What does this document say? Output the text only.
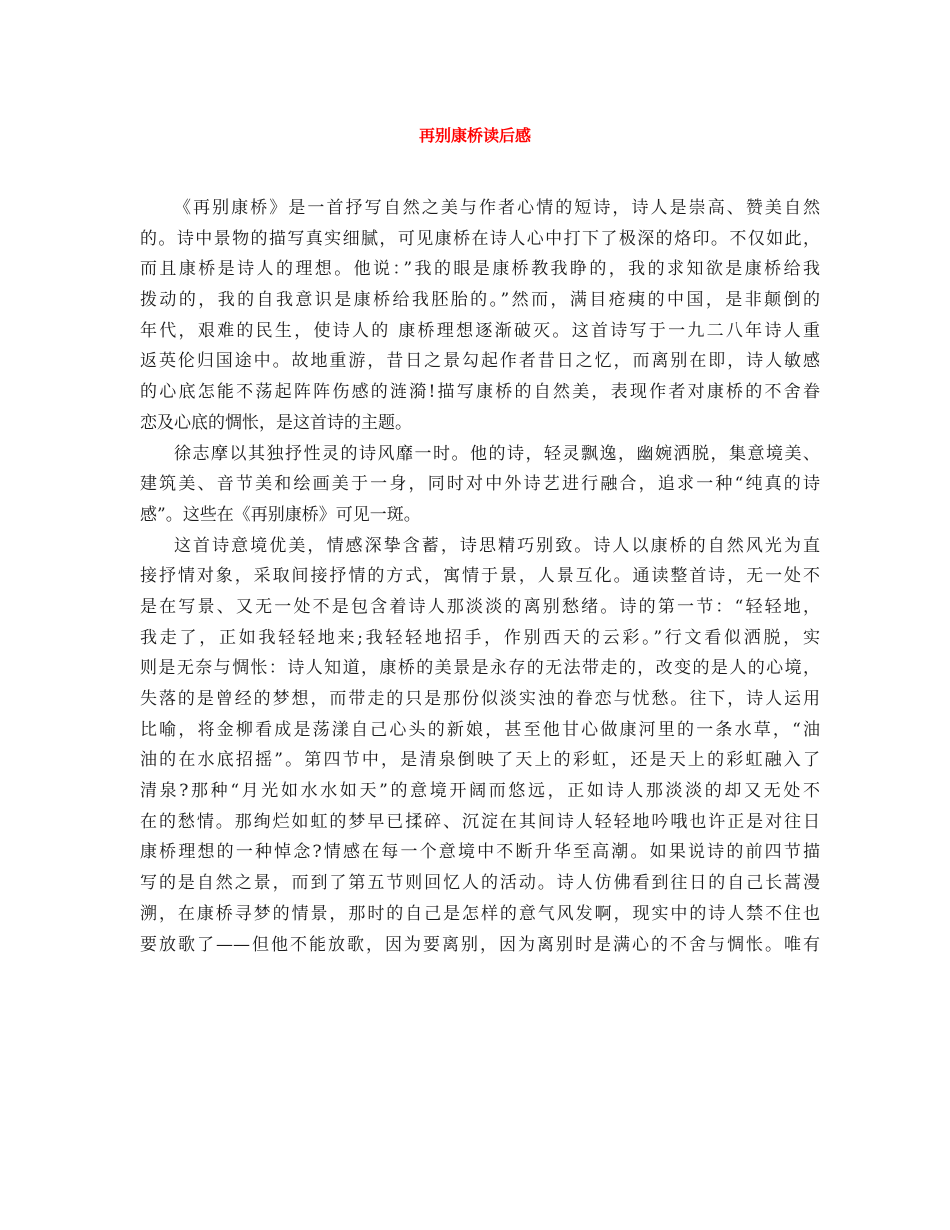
再别康桥读后感
《再别康桥》是一首抒写自然之美与作者心情的短诗，诗人是崇高、赞美自然
的。诗中景物的描写真实细腻，可见康桥在诗人心中打下了极深的烙印。不仅如此，
而且康桥是诗人的理想。他说：”我的眼是康桥教我睁的，我的求知欲是康桥给我
拨动的，我的自我意识是康桥给我胚胎的。”然而，满目疮痍的中国，是非颠倒的
年代，艰难的民生，使诗人的 康桥理想逐渐破灭。这首诗写于一九二八年诗人重
返英伦归国途中。故地重游，昔日之景勾起作者昔日之忆，而离别在即，诗人敏感
的心底怎能不荡起阵阵伤感的涟漪!描写康桥的自然美，表现作者对康桥的不舍眷
恋及心底的惆怅，是这首诗的主题。
徐志摩以其独抒性灵的诗风靡一时。他的诗，轻灵飘逸，幽婉洒脱，集意境美、
建筑美、音节美和绘画美于一身，同时对中外诗艺进行融合，追求一种“纯真的诗
感”。这些在《再别康桥》可见一斑。
这首诗意境优美，情感深挚含蓄，诗思精巧别致。诗人以康桥的自然风光为直
接抒情对象，采取间接抒情的方式，寓情于景，人景互化。通读整首诗，无一处不
是在写景、又无一处不是包含着诗人那淡淡的离别愁绪。诗的第一节：“轻轻地，
我走了，正如我轻轻地来;我轻轻地招手，作别西天的云彩。”行文看似洒脱，实
则是无奈与惆怅：诗人知道，康桥的美景是永存的无法带走的，改变的是人的心境，
失落的是曾经的梦想，而带走的只是那份似淡实浊的眷恋与忧愁。往下，诗人运用
比喻，将金柳看成是荡漾自己心头的新娘，甚至他甘心做康河里的一条水草，“油
油的在水底招摇”。第四节中，是清泉倒映了天上的彩虹，还是天上的彩虹融入了
清泉?那种“月光如水水如天”的意境开阔而悠远，正如诗人那淡淡的却又无处不
在的愁情。那绚烂如虹的梦早已揉碎、沉淀在其间诗人轻轻地吟哦也许正是对往日
康桥理想的一种悼念?情感在每一个意境中不断升华至高潮。如果说诗的前四节描
写的是自然之景，而到了第五节则回忆人的活动。诗人仿佛看到往日的自己长蒿漫
溯，在康桥寻梦的情景，那时的自己是怎样的意气风发啊，现实中的诗人禁不住也
要放歌了——但他不能放歌，因为要离别，因为离别时是满心的不舍与惆怅。唯有
